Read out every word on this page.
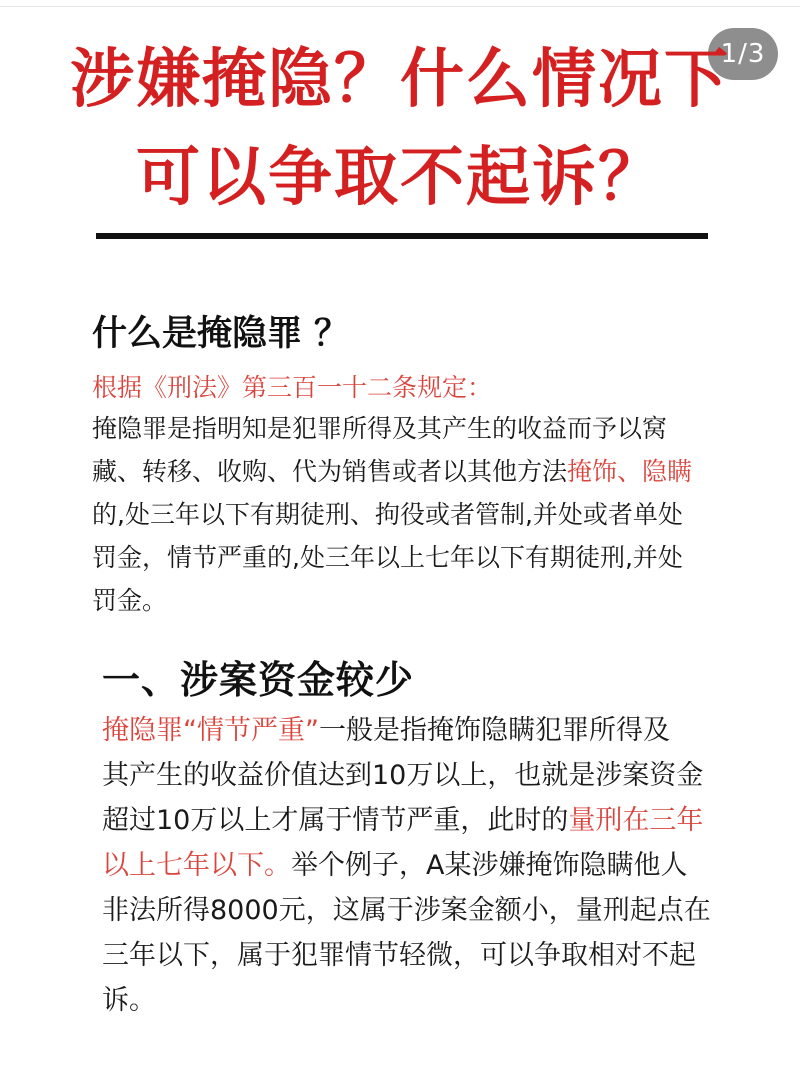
1/3
涉嫌掩隐？什么情况下
可以争取不起诉？
什么是掩隐罪 ？
根据《刑法》第三百一十二条规定：
掩隐罪是指明知是犯罪所得及其产生的收益而予以窝
藏、转移、收购、代为销售或者以其他方法掩饰、隐瞒
的,处三年以下有期徒刑、拘役或者管制,并处或者单处
罚金，情节严重的,处三年以上七年以下有期徒刑,并处
罚金。
一、涉案资金较少
掩隐罪“情节严重”一般是指掩饰隐瞒犯罪所得及
其产生的收益价值达到10万以上，也就是涉案资金
超过10万以上才属于情节严重，此时的量刑在三年
以上七年以下。举个例子，A某涉嫌掩饰隐瞒他人
非法所得8000元，这属于涉案金额小，量刑起点在
三年以下，属于犯罪情节轻微，可以争取相对不起
诉。
